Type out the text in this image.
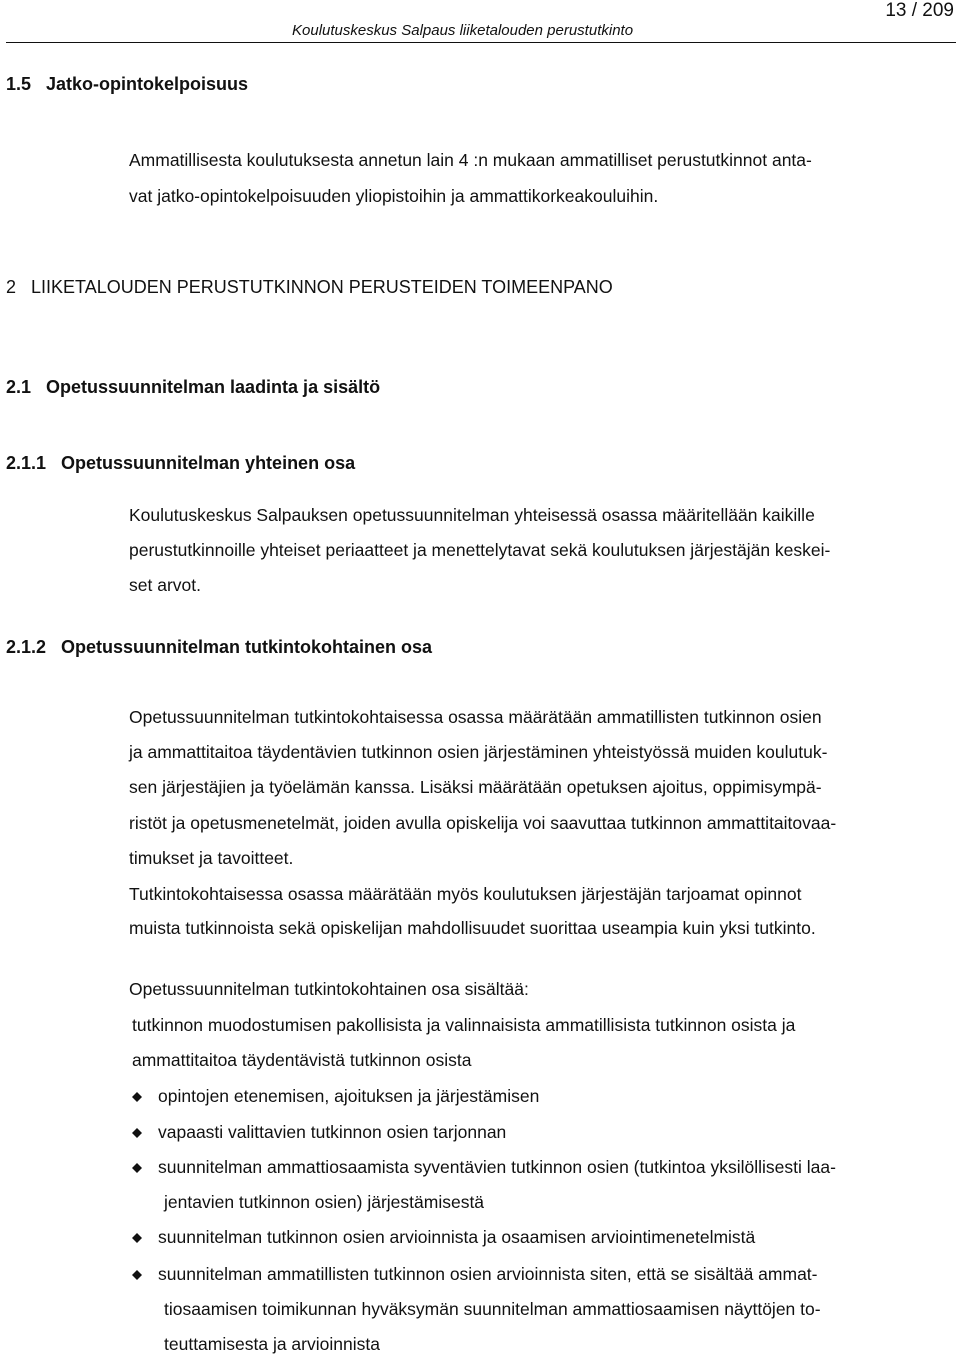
13 / 209
Koulutuskeskus Salpaus liiketalouden perustutkinto
1.5   Jatko-opintokelpoisuus
Ammatillisesta koulutuksesta annetun lain 4 :n mukaan ammatilliset perustutkinnot anta-
vat jatko-opintokelpoisuuden yliopistoihin ja ammattikorkeakouluihin.
2   LIIKETALOUDEN PERUSTUTKINNON PERUSTEIDEN TOIMEENPANO
2.1   Opetussuunnitelman laadinta ja sisältö
2.1.1   Opetussuunnitelman yhteinen osa
Koulutuskeskus Salpauksen opetussuunnitelman yhteisessä osassa määritellään kaikille
perustutkinnoille yhteiset periaatteet ja menettelytavat sekä koulutuksen järjestäjän keskei-
set arvot.
2.1.2   Opetussuunnitelman tutkintokohtainen osa
Opetussuunnitelman tutkintokohtaisessa osassa määrätään ammatillisten tutkinnon osien
ja ammattitaitoa täydentävien tutkinnon osien järjestäminen yhteistyössä muiden koulutuk-
sen järjestäjien ja työelämän kanssa. Lisäksi määrätään opetuksen ajoitus, oppimisympä-
ristöt ja opetusmenetelmät, joiden avulla opiskelija voi saavuttaa tutkinnon ammattitaitovaa-
timukset ja tavoitteet.
Tutkintokohtaisessa osassa määrätään myös koulutuksen järjestäjän tarjoamat opinnot
muista tutkinnoista sekä opiskelijan mahdollisuudet suorittaa useampia kuin yksi tutkinto.
Opetussuunnitelman tutkintokohtainen osa sisältää:
tutkinnon muodostumisen pakollisista ja valinnaisista ammatillisista tutkinnon osista ja
ammattitaitoa täydentävistä tutkinnon osista
opintojen etenemisen, ajoituksen ja järjestämisen
vapaasti valittavien tutkinnon osien tarjonnan
suunnitelman ammattiosaamista syventävien tutkinnon osien (tutkintoa yksilöllisesti laa-
jentavien tutkinnon osien) järjestämisestä
suunnitelman tutkinnon osien arvioinnista ja osaamisen arviointimenetelmistä
suunnitelman ammatillisten tutkinnon osien arvioinnista siten, että se sisältää ammat-
tiosaamisen toimikunnan hyväksymän suunnitelman ammattiosaamisen näyttöjen to-
teuttamisesta ja arvioinnista
